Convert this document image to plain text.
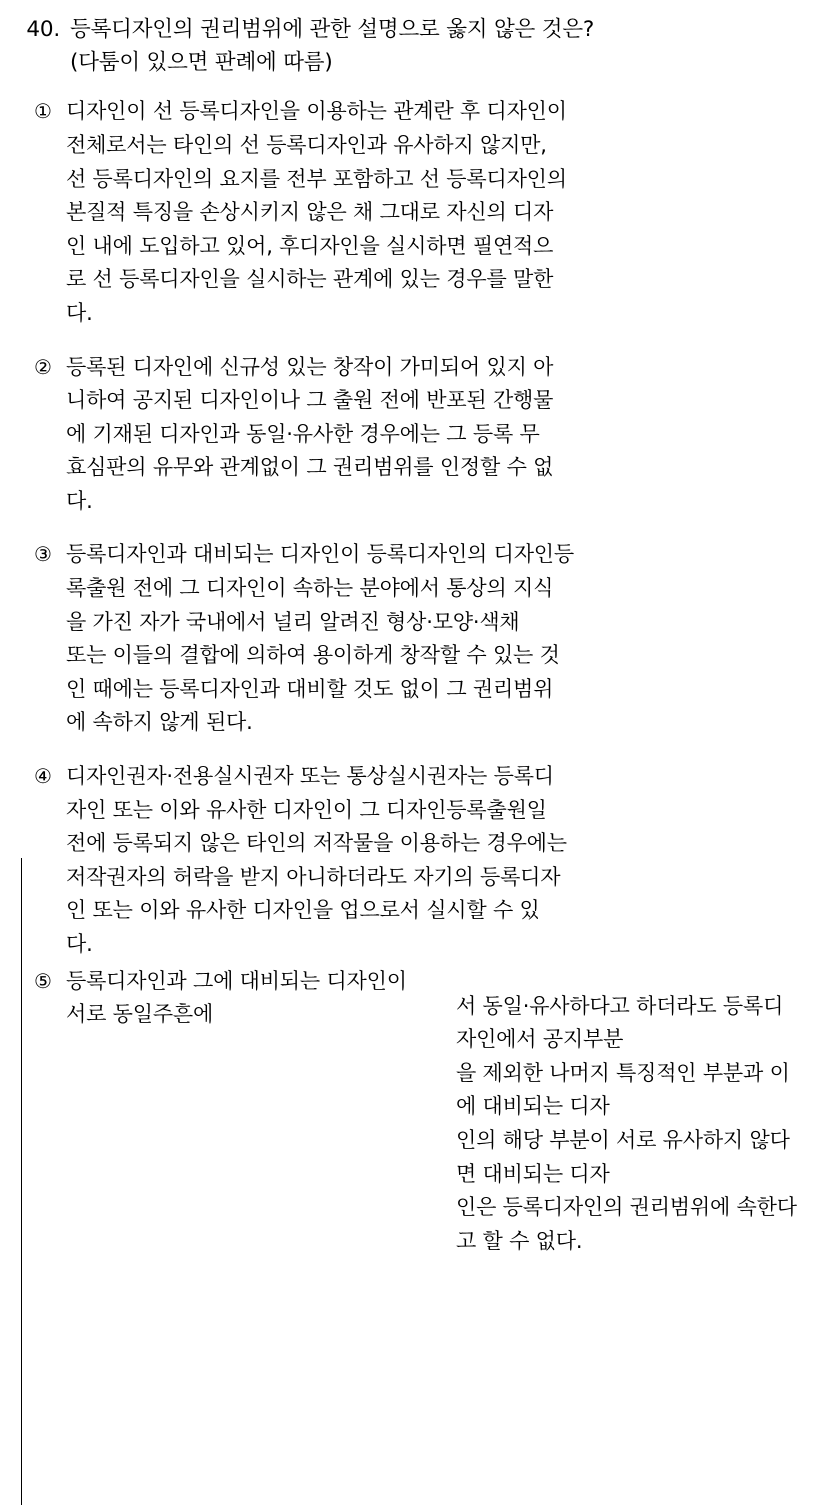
40. 등록디자인의 권리범위에 관한 설명으로 옳지 않은 것은?
(다툼이 있으면 판례에 따름)
① 디자인이 선 등록디자인을 이용하는 관계란 후 디자인이
전체로서는 타인의 선 등록디자인과 유사하지 않지만,
선 등록디자인의 요지를 전부 포함하고 선 등록디자인의
본질적 특징을 손상시키지 않은 채 그대로 자신의 디자
인 내에 도입하고 있어, 후디자인을 실시하면 필연적으
로 선 등록디자인을 실시하는 관계에 있는 경우를 말한
다.
② 등록된 디자인에 신규성 있는 창작이 가미되어 있지 아
니하여 공지된 디자인이나 그 출원 전에 반포된 간행물
에 기재된 디자인과 동일·유사한 경우에는 그 등록 무
효심판의 유무와 관계없이 그 권리범위를 인정할 수 없
다.
③ 등록디자인과 대비되는 디자인이 등록디자인의 디자인등
록출원 전에 그 디자인이 속하는 분야에서 통상의 지식
을 가진 자가 국내에서 널리 알려진 형상·모양·색채
또는 이들의 결합에 의하여 용이하게 창작할 수 있는 것
인 때에는 등록디자인과 대비할 것도 없이 그 권리범위
에 속하지 않게 된다.
④ 디자인권자·전용실시권자 또는 통상실시권자는 등록디
자인 또는 이와 유사한 디자인이 그 디자인등록출원일
전에 등록되지 않은 타인의 저작물을 이용하는 경우에는
저작권자의 허락을 받지 아니하더라도 자기의 등록디자
인 또는 이와 유사한 디자인을 업으로서 실시할 수 있
다.
⑤ 등록디자인과 그에 대비되는 디자인이 서로 동일주흔에	서 동일·유사하다고 하더라도 등록디자인에서 공지부분
을 제외한 나머지 특징적인 부분과 이에 대비되는 디자
인의 해당 부분이 서로 유사하지 않다면 대비되는 디자
인은 등록디자인의 권리범위에 속한다고 할 수 없다.
